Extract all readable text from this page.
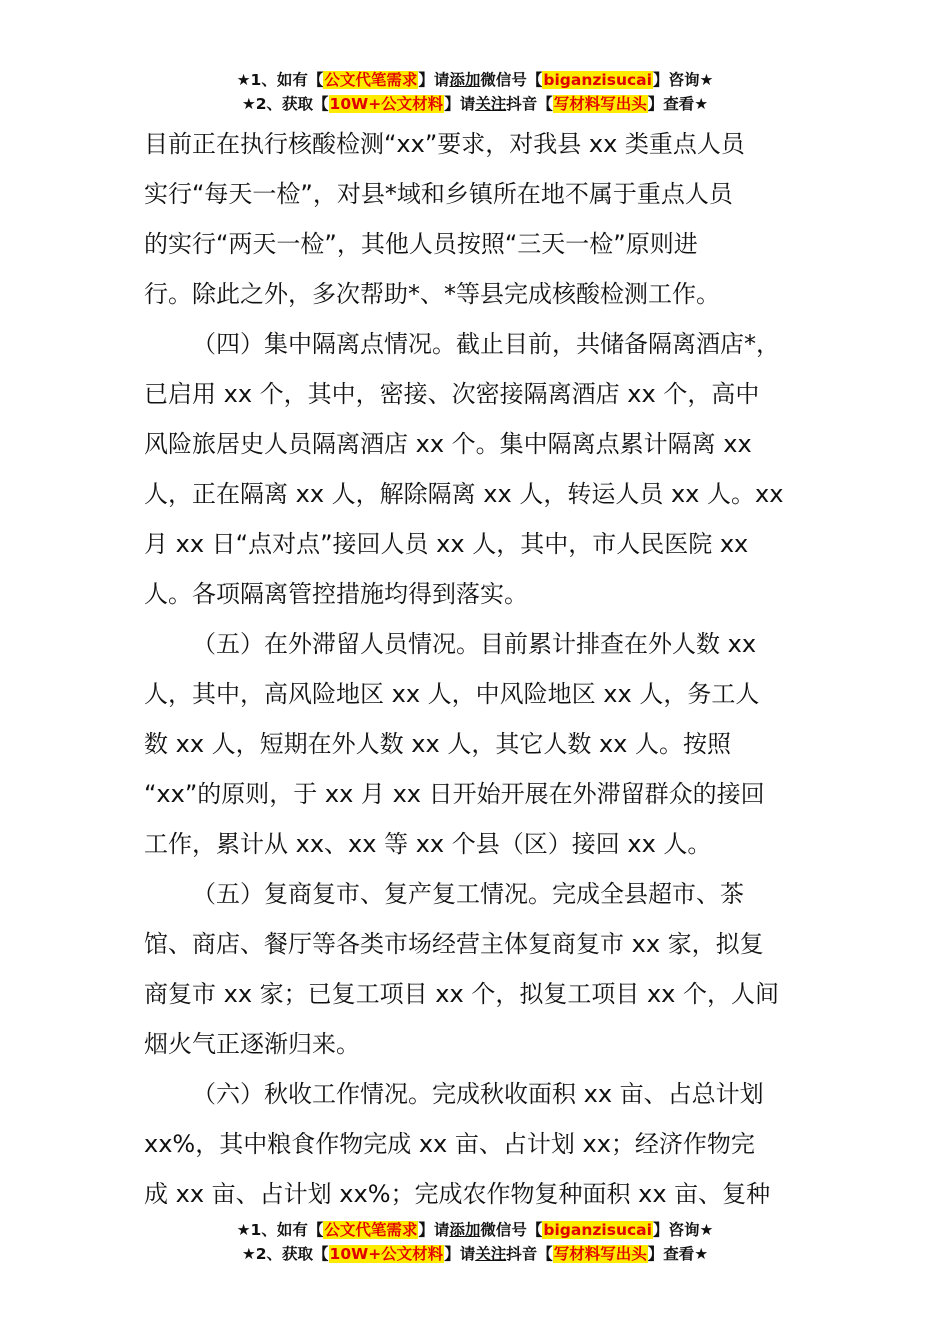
★1、如有【公文代笔需求】请添加微信号【biganzisucai】咨询★
★2、获取【10W+公文材料】请关注抖音【写材料写出头】查看★

目前正在执行核酸检测“xx”要求，对我县 xx 类重点人员

实行“每天一检”，对县*域和乡镇所在地不属于重点人员

的实行“两天一检”，其他人员按照“三天一检”原则进

行。除此之外，多次帮助*、*等县完成核酸检测工作。

（四）集中隔离点情况。截止目前，共储备隔离酒店*，

已启用 xx 个，其中，密接、次密接隔离酒店 xx 个，高中

风险旅居史人员隔离酒店 xx 个。集中隔离点累计隔离 xx

人，正在隔离 xx 人，解除隔离 xx 人，转运人员 xx 人。xx

月 xx 日“点对点”接回人员 xx 人，其中，市人民医院 xx

人。各项隔离管控措施均得到落实。

（五）在外滞留人员情况。目前累计排查在外人数 xx

人，其中，高风险地区 xx 人，中风险地区 xx 人，务工人

数 xx 人，短期在外人数 xx 人，其它人数 xx 人。按照

“xx”的原则，于 xx 月 xx 日开始开展在外滞留群众的接回

工作，累计从 xx、xx 等 xx 个县（区）接回 xx 人。

（五）复商复市、复产复工情况。完成全县超市、茶

馆、商店、餐厅等各类市场经营主体复商复市 xx 家，拟复

商复市 xx 家；已复工项目 xx 个，拟复工项目 xx 个，人间

烟火气正逐渐归来。

（六）秋收工作情况。完成秋收面积 xx 亩、占总计划

xx%，其中粮食作物完成 xx 亩、占计划 xx；经济作物完

成 xx 亩、占计划 xx%；完成农作物复种面积 xx 亩、复种

★1、如有【公文代笔需求】请添加微信号【biganzisucai】咨询★
★2、获取【10W+公文材料】请关注抖音【写材料写出头】查看★
